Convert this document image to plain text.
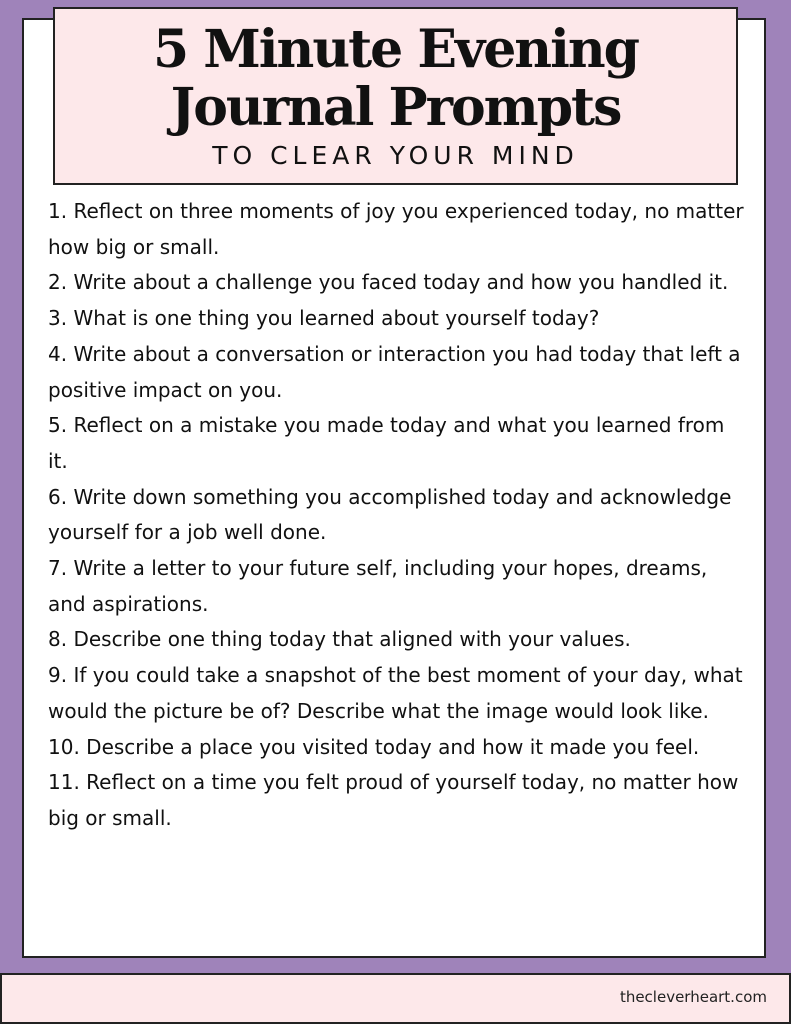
5 Minute Evening
Journal Prompts
TO CLEAR YOUR MIND
1. Reflect on three moments of joy you experienced today, no matter how big or small.
2. Write about a challenge you faced today and how you handled it.
3. What is one thing you learned about yourself today?
4. Write about a conversation or interaction you had today that left a positive impact on you.
5. Reflect on a mistake you made today and what you learned from it.
6. Write down something you accomplished today and acknowledge yourself for a job well done.
7. Write a letter to your future self, including your hopes, dreams, and aspirations.
8. Describe one thing today that aligned with your values.
9. If you could take a snapshot of the best moment of your day, what would the picture be of? Describe what the image would look like.
10. Describe a place you visited today and how it made you feel.
11. Reflect on a time you felt proud of yourself today, no matter how big or small.
thecleverheart.com
